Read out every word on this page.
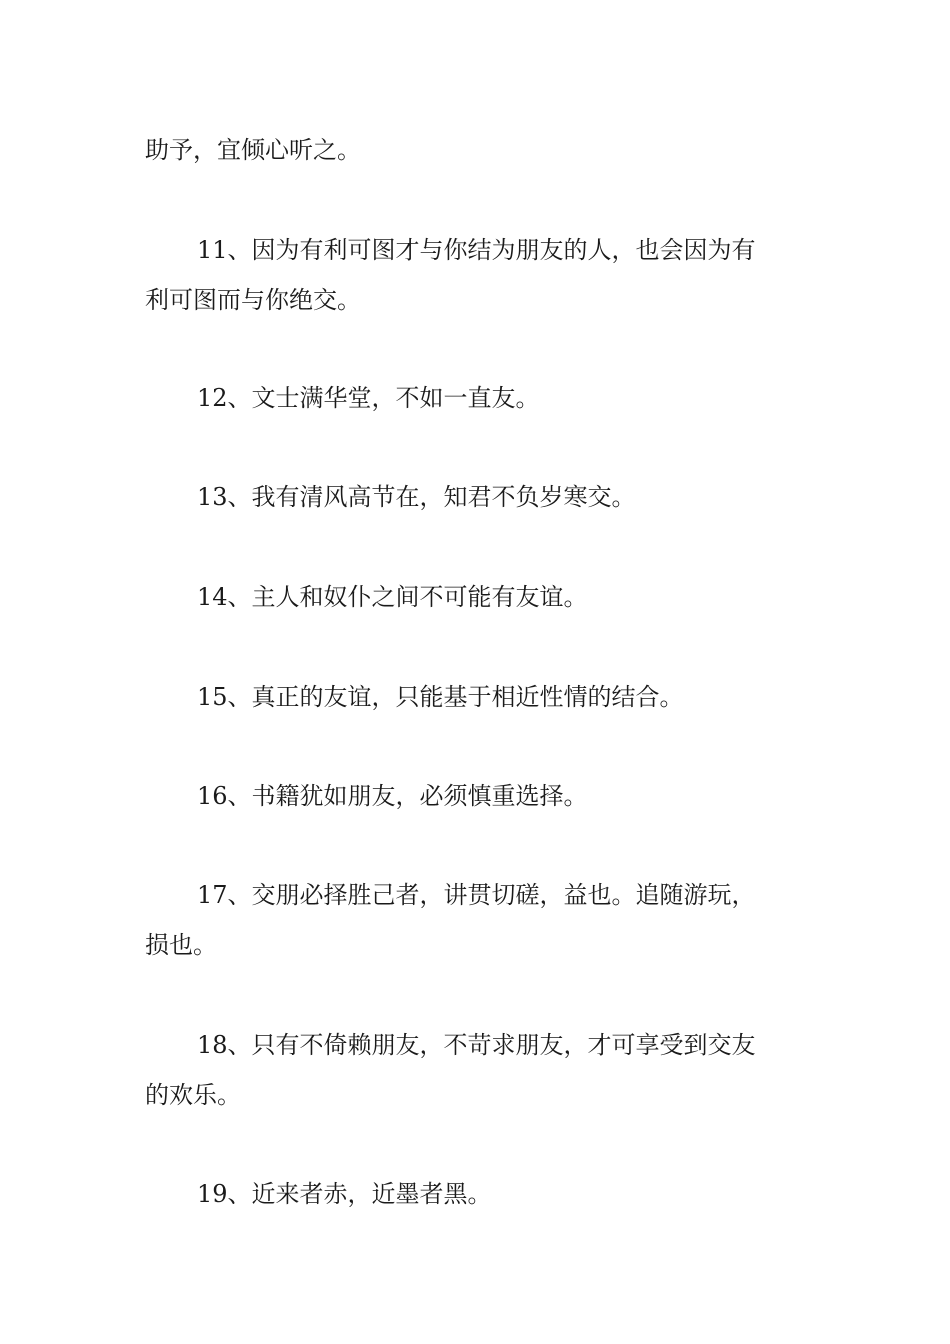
助予，宜倾心听之。

11、因为有利可图才与你结为朋友的人，也会因为有
利可图而与你绝交。

12、文士满华堂，不如一直友。

13、我有清风高节在，知君不负岁寒交。

14、主人和奴仆之间不可能有友谊。

15、真正的友谊，只能基于相近性情的结合。

16、书籍犹如朋友，必须慎重选择。

17、交朋必择胜己者，讲贯切磋，益也。追随游玩，
损也。

18、只有不倚赖朋友，不苛求朋友，才可享受到交友
的欢乐。

19、近来者赤，近墨者黑。
